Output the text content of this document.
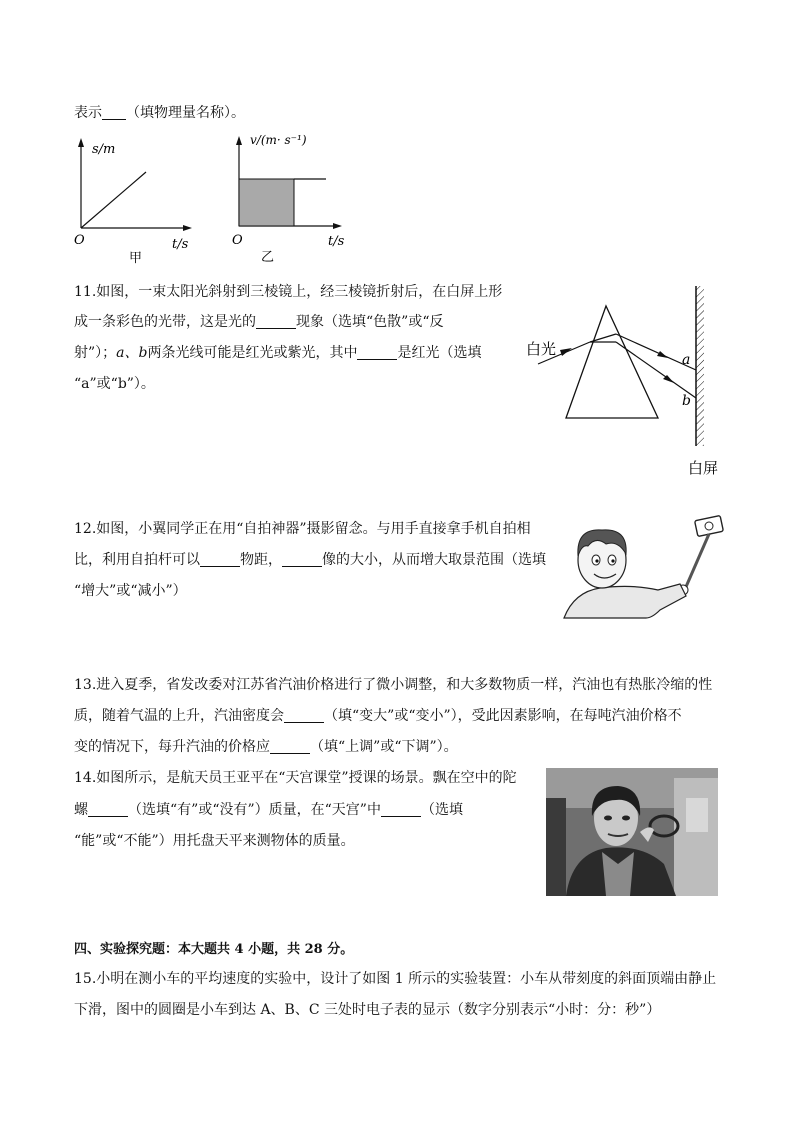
表示 （填物理量名称）。
s/m
O	t/s
甲
v/(m· s⁻¹)
O	t/s
乙
11.如图，一束太阳光斜射到三棱镜上，经三棱镜折射后，在白屏上形
成一条彩色的光带，这是光的	现象（选填“色散”或“反
射”）；a、b两条光线可能是红光或紫光，其中	是红光（选填
“a”或“b”）。
白光
a
b
白屏
12.如图，小翼同学正在用“自拍神器”摄影留念。与用手直接拿手机自拍相
比，利用自拍杆可以	物距，	像的大小，从而增大取景范围（选填
“增大”或“减小”）
13.进入夏季，省发改委对江苏省汽油价格进行了微小调整，和大多数物质一样，汽油也有热胀冷缩的性
质，随着气温的上升，汽油密度会	（填“变大”或“变小”），受此因素影响，在每吨汽油价格不
变的情况下，每升汽油的价格应	（填“上调”或“下调”）。
14.如图所示，是航天员王亚平在“天宫课堂”授课的场景。飘在空中的陀
螺	（选填“有”或“没有”）质量，在“天宫”中	（选填
“能”或“不能”）用托盘天平来测物体的质量。
四、实验探究题：本大题共 4 小题，共 28 分。
15.小明在测小车的平均速度的实验中，设计了如图 1 所示的实验装置：小车从带刻度的斜面顶端由静止
下滑，图中的圆圈是小车到达 A、B、C 三处时电子表的显示（数字分别表示“小时：分：秒”）
